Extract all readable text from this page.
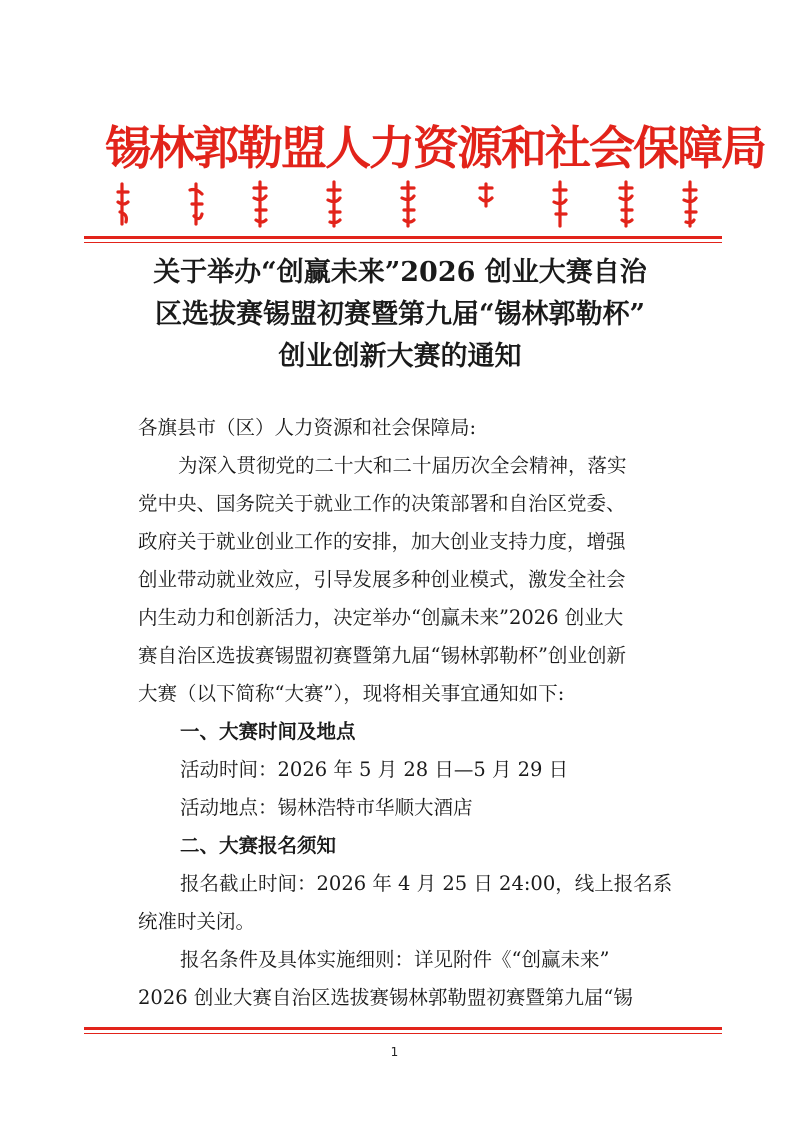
锡林郭勒盟人力资源和社会保障局
关于举办“创赢未来”2026 创业大赛自治
区选拔赛锡盟初赛暨第九届“锡林郭勒杯”
创业创新大赛的通知
各旗县市（区）人力资源和社会保障局:
为深入贯彻党的二十大和二十届历次全会精神，落实
党中央、国务院关于就业工作的决策部署和自治区党委、
政府关于就业创业工作的安排，加大创业支持力度，增强
创业带动就业效应，引导发展多种创业模式，激发全社会
内生动力和创新活力，决定举办“创赢未来”2026 创业大
赛自治区选拔赛锡盟初赛暨第九届“锡林郭勒杯”创业创新
大赛（以下简称“大赛”），现将相关事宜通知如下:
一、大赛时间及地点
活动时间：2026 年 5 月 28 日—5 月 29 日
活动地点：锡林浩特市华顺大酒店
二、大赛报名须知
报名截止时间：2026 年 4 月 25 日 24:00，线上报名系
统准时关闭。
报名条件及具体实施细则：详见附件《“创赢未来”
2026 创业大赛自治区选拔赛锡林郭勒盟初赛暨第九届“锡
1
